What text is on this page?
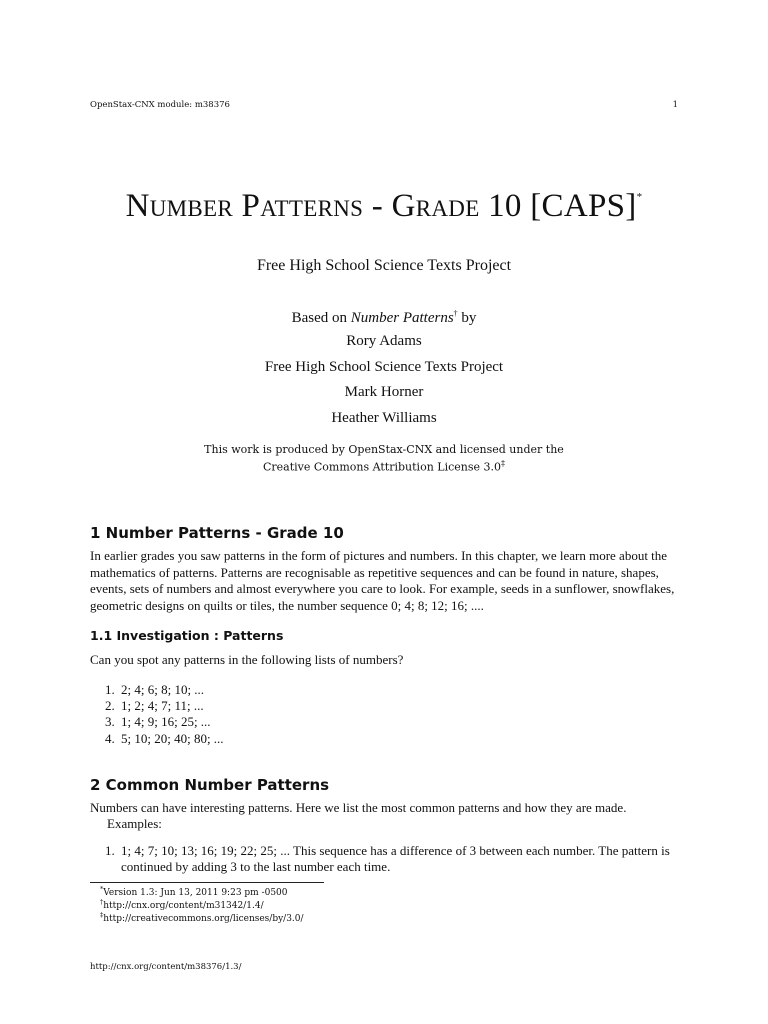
OpenStax-CNX module: m38376	1
Number Patterns - Grade 10 [CAPS]*
Free High School Science Texts Project
Based on Number Patterns† by
Rory Adams
Free High School Science Texts Project
Mark Horner
Heather Williams
This work is produced by OpenStax-CNX and licensed under the
Creative Commons Attribution License 3.0‡
1 Number Patterns - Grade 10
In earlier grades you saw patterns in the form of pictures and numbers. In this chapter, we learn more about the mathematics of patterns. Patterns are recognisable as repetitive sequences and can be found in nature, shapes, events, sets of numbers and almost everywhere you care to look. For example, seeds in a sunflower, snowflakes, geometric designs on quilts or tiles, the number sequence 0; 4; 8; 12; 16; ....
1.1 Investigation : Patterns
Can you spot any patterns in the following lists of numbers?
1. 2; 4; 6; 8; 10; ...
2. 1; 2; 4; 7; 11; ...
3. 1; 4; 9; 16; 25; ...
4. 5; 10; 20; 40; 80; ...
2 Common Number Patterns
Numbers can have interesting patterns. Here we list the most common patterns and how they are made.
Examples:
1. 1; 4; 7; 10; 13; 16; 19; 22; 25; ... This sequence has a difference of 3 between each number. The pattern is continued by adding 3 to the last number each time.
*Version 1.3: Jun 13, 2011 9:23 pm -0500
†http://cnx.org/content/m31342/1.4/
‡http://creativecommons.org/licenses/by/3.0/
http://cnx.org/content/m38376/1.3/
